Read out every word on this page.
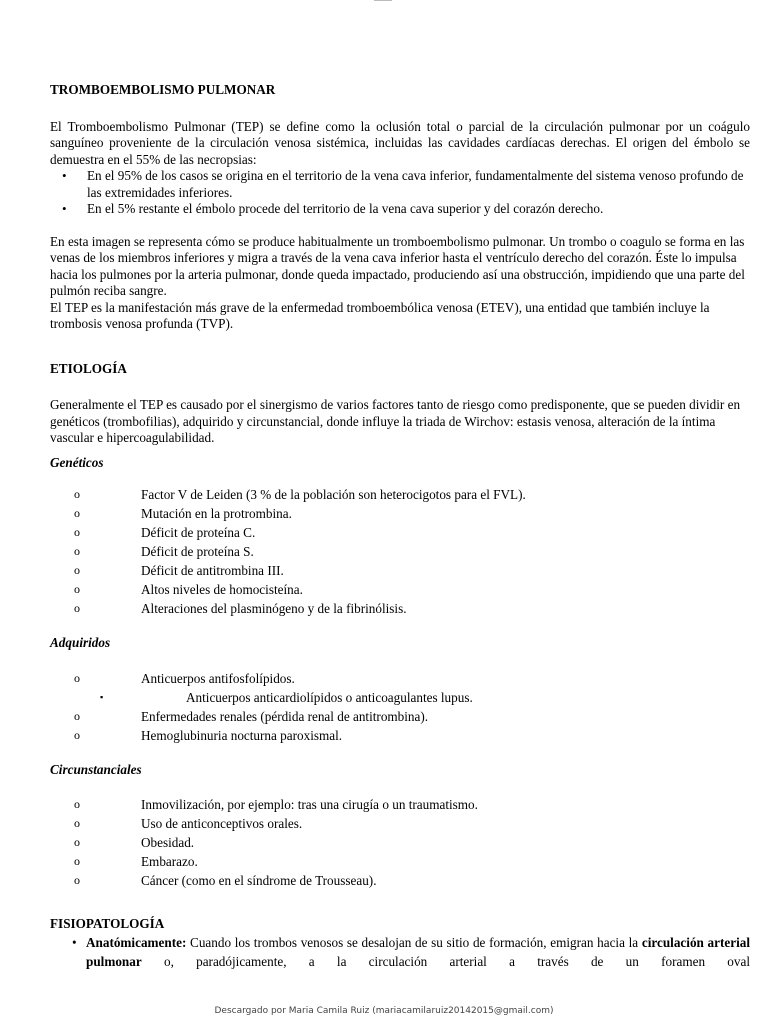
TROMBOEMBOLISMO PULMONAR

El Tromboembolismo Pulmonar (TEP) se define como la oclusión total o parcial de la circulación pulmonar por un coágulo sanguíneo proveniente de la circulación venosa sistémica, incluidas las cavidades cardíacas derechas. El origen del émbolo se demuestra en el 55% de las necropsias:

• En el 95% de los casos se origina en el territorio de la vena cava inferior, fundamentalmente del sistema venoso profundo de las extremidades inferiores.
• En el 5% restante el émbolo procede del territorio de la vena cava superior y del corazón derecho.

En esta imagen se representa cómo se produce habitualmente un tromboembolismo pulmonar. Un trombo o coagulo se forma en las venas de los miembros inferiores y migra a través de la vena cava inferior hasta el ventrículo derecho del corazón. Éste lo impulsa hacia los pulmones por la arteria pulmonar, donde queda impactado, produciendo así una obstrucción, impidiendo que una parte del pulmón reciba sangre.

El TEP es la manifestación más grave de la enfermedad tromboembólica venosa (ETEV), una entidad que también incluye la trombosis venosa profunda (TVP).

ETIOLOGÍA

Generalmente el TEP es causado por el sinergismo de varios factores tanto de riesgo como predisponente, que se pueden dividir en genéticos (trombofilias), adquirido y circunstancial, donde influye la triada de Wirchov: estasis venosa, alteración de la íntima vascular e hipercoagulabilidad.

Genéticos

o	Factor V de Leiden (3 % de la población son heterocigotos para el FVL).
o	Mutación en la protrombina.
o	Déficit de proteína C.
o	Déficit de proteína S.
o	Déficit de antitrombina III.
o	Altos niveles de homocisteína.
o	Alteraciones del plasminógeno y de la fibrinólisis.

Adquiridos

o	Anticuerpos antifosfolípidos.
▪	Anticuerpos anticardiolípidos o anticoagulantes lupus.
o	Enfermedades renales (pérdida renal de antitrombina).
o	Hemoglubinuria nocturna paroxismal.

Circunstanciales

o	Inmovilización, por ejemplo: tras una cirugía o un traumatismo.
o	Uso de anticonceptivos orales.
o	Obesidad.
o	Embarazo.
o	Cáncer (como en el síndrome de Trousseau).

FISIOPATOLOGÍA

• Anatómicamente: Cuando los trombos venosos se desalojan de su sitio de formación, emigran hacia la circulación arterial pulmonar o, paradójicamente, a la circulación arterial a través de un foramen oval
Descargado por Maria Camila Ruiz (mariacamilaruiz20142015@gmail.com)
